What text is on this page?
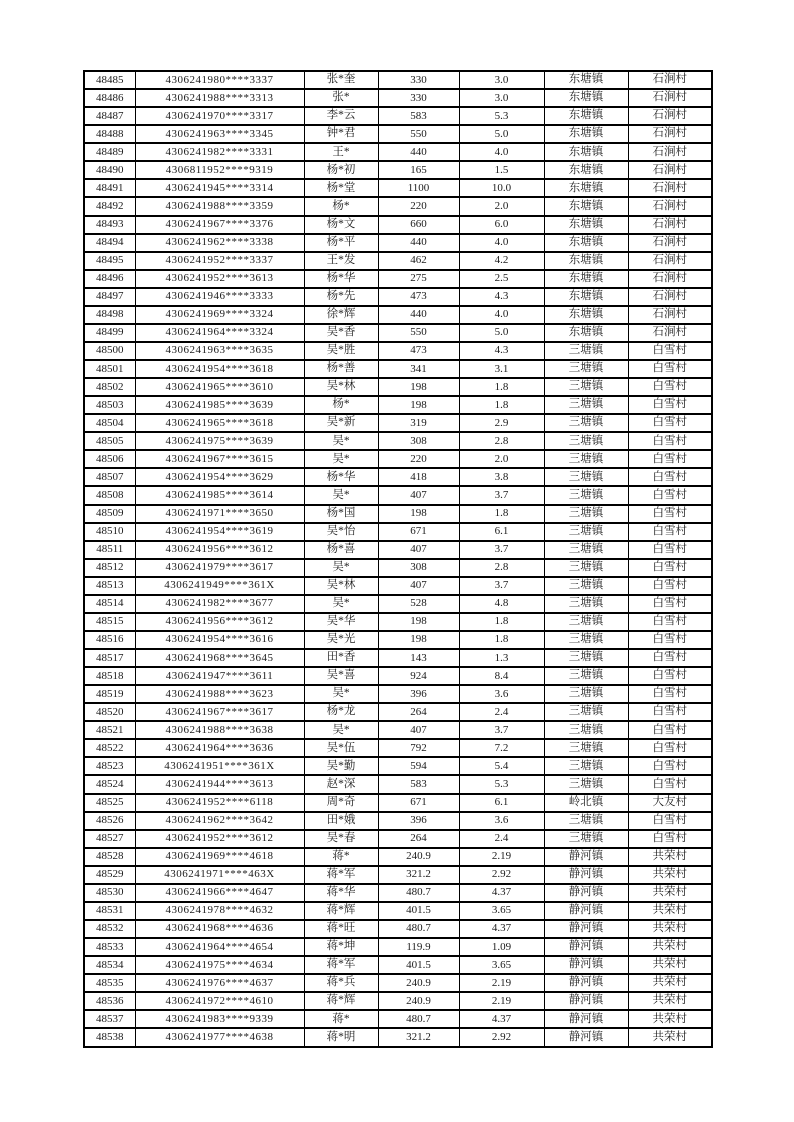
48485	4306241980****3337	张*奎	330	3.0	东塘镇	石涧村
48486	4306241988****3313	张*	330	3.0	东塘镇	石涧村
48487	4306241970****3317	李*云	583	5.3	东塘镇	石涧村
48488	4306241963****3345	钟*君	550	5.0	东塘镇	石涧村
48489	4306241982****3331	王*	440	4.0	东塘镇	石涧村
48490	4306811952****9319	杨*初	165	1.5	东塘镇	石涧村
48491	4306241945****3314	杨*堂	1100	10.0	东塘镇	石涧村
48492	4306241988****3359	杨*	220	2.0	东塘镇	石涧村
48493	4306241967****3376	杨*文	660	6.0	东塘镇	石涧村
48494	4306241962****3338	杨*平	440	4.0	东塘镇	石涧村
48495	4306241952****3337	王*发	462	4.2	东塘镇	石涧村
48496	4306241952****3613	杨*华	275	2.5	东塘镇	石涧村
48497	4306241946****3333	杨*先	473	4.3	东塘镇	石涧村
48498	4306241969****3324	徐*辉	440	4.0	东塘镇	石涧村
48499	4306241964****3324	吴*香	550	5.0	东塘镇	石涧村
48500	4306241963****3635	吴*胜	473	4.3	三塘镇	白雪村
48501	4306241954****3618	杨*善	341	3.1	三塘镇	白雪村
48502	4306241965****3610	吴*林	198	1.8	三塘镇	白雪村
48503	4306241985****3639	杨*	198	1.8	三塘镇	白雪村
48504	4306241965****3618	吴*新	319	2.9	三塘镇	白雪村
48505	4306241975****3639	吴*	308	2.8	三塘镇	白雪村
48506	4306241967****3615	吴*	220	2.0	三塘镇	白雪村
48507	4306241954****3629	杨*华	418	3.8	三塘镇	白雪村
48508	4306241985****3614	吴*	407	3.7	三塘镇	白雪村
48509	4306241971****3650	杨*国	198	1.8	三塘镇	白雪村
48510	4306241954****3619	吴*怡	671	6.1	三塘镇	白雪村
48511	4306241956****3612	杨*喜	407	3.7	三塘镇	白雪村
48512	4306241979****3617	吴*	308	2.8	三塘镇	白雪村
48513	4306241949****361X	吴*林	407	3.7	三塘镇	白雪村
48514	4306241982****3677	吴*	528	4.8	三塘镇	白雪村
48515	4306241956****3612	吴*华	198	1.8	三塘镇	白雪村
48516	4306241954****3616	吴*光	198	1.8	三塘镇	白雪村
48517	4306241968****3645	田*香	143	1.3	三塘镇	白雪村
48518	4306241947****3611	吴*喜	924	8.4	三塘镇	白雪村
48519	4306241988****3623	吴*	396	3.6	三塘镇	白雪村
48520	4306241967****3617	杨*龙	264	2.4	三塘镇	白雪村
48521	4306241988****3638	吴*	407	3.7	三塘镇	白雪村
48522	4306241964****3636	吴*伍	792	7.2	三塘镇	白雪村
48523	4306241951****361X	吴*勤	594	5.4	三塘镇	白雪村
48524	4306241944****3613	赵*深	583	5.3	三塘镇	白雪村
48525	4306241952****6118	周*奇	671	6.1	岭北镇	大友村
48526	4306241962****3642	田*娥	396	3.6	三塘镇	白雪村
48527	4306241952****3612	吴*春	264	2.4	三塘镇	白雪村
48528	4306241969****4618	蒋*	240.9	2.19	静河镇	共荣村
48529	4306241971****463X	蒋*军	321.2	2.92	静河镇	共荣村
48530	4306241966****4647	蒋*华	480.7	4.37	静河镇	共荣村
48531	4306241978****4632	蒋*辉	401.5	3.65	静河镇	共荣村
48532	4306241968****4636	蒋*旺	480.7	4.37	静河镇	共荣村
48533	4306241964****4654	蒋*坤	119.9	1.09	静河镇	共荣村
48534	4306241975****4634	蒋*军	401.5	3.65	静河镇	共荣村
48535	4306241976****4637	蒋*兵	240.9	2.19	静河镇	共荣村
48536	4306241972****4610	蒋*辉	240.9	2.19	静河镇	共荣村
48537	4306241983****9339	蒋*	480.7	4.37	静河镇	共荣村
48538	4306241977****4638	蒋*明	321.2	2.92	静河镇	共荣村
